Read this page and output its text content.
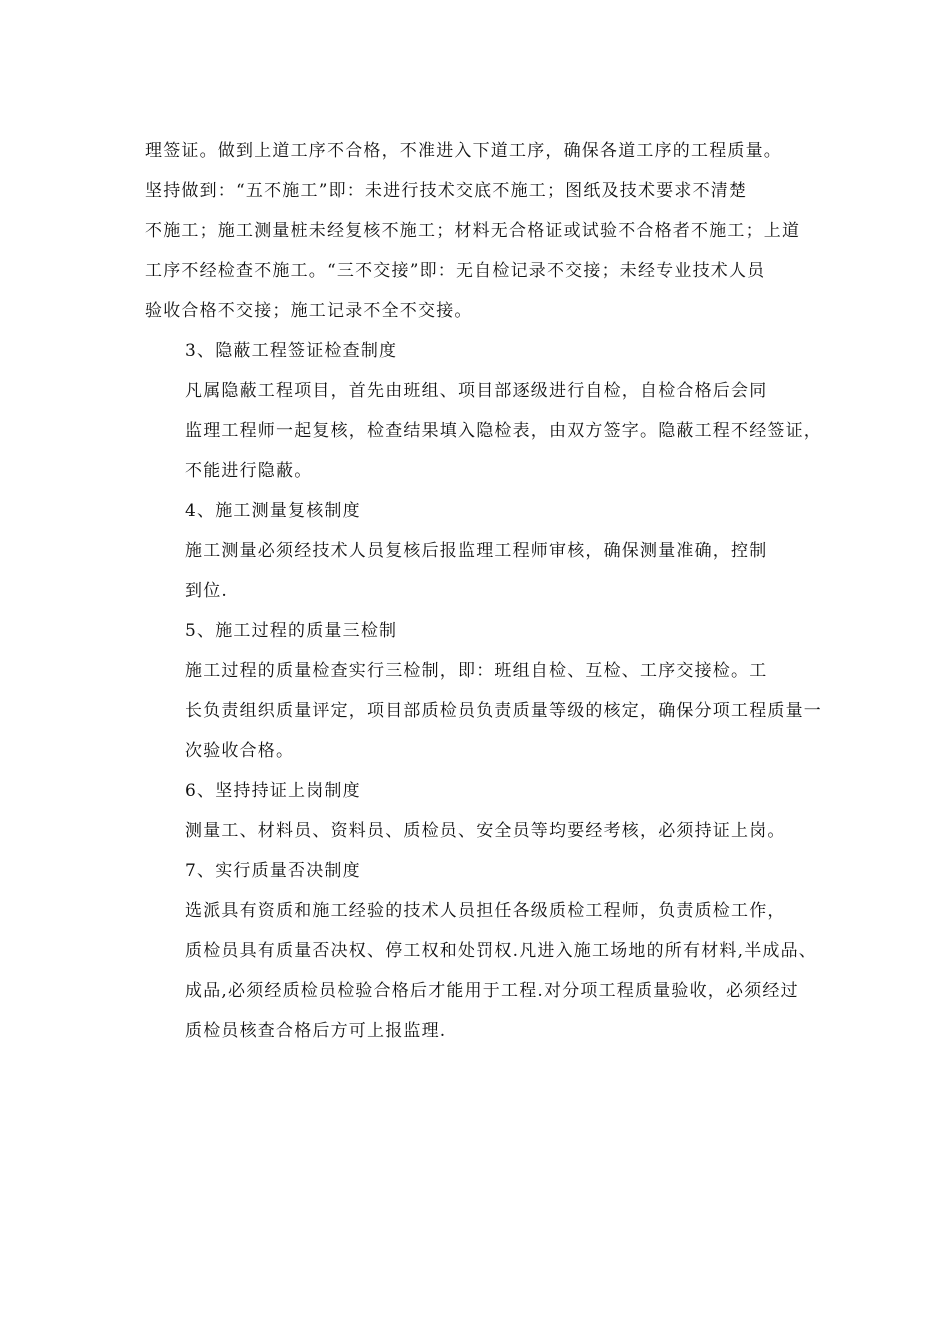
理签证。做到上道工序不合格，不准进入下道工序，确保各道工序的工程质量。
坚持做到：“五不施工”即：未进行技术交底不施工；图纸及技术要求不清楚
不施工；施工测量桩未经复核不施工；材料无合格证或试验不合格者不施工；上道
工序不经检查不施工。“三不交接”即：无自检记录不交接；未经专业技术人员
验收合格不交接；施工记录不全不交接。
3、隐蔽工程签证检查制度
凡属隐蔽工程项目，首先由班组、项目部逐级进行自检，自检合格后会同
监理工程师一起复核，检查结果填入隐检表，由双方签字。隐蔽工程不经签证，
不能进行隐蔽。
4、施工测量复核制度
施工测量必须经技术人员复核后报监理工程师审核，确保测量准确，控制
到位.
5、施工过程的质量三检制
施工过程的质量检查实行三检制，即：班组自检、互检、工序交接检。工
长负责组织质量评定，项目部质检员负责质量等级的核定，确保分项工程质量一
次验收合格。
6、坚持持证上岗制度
测量工、材料员、资料员、质检员、安全员等均要经考核，必须持证上岗。
7、实行质量否决制度
选派具有资质和施工经验的技术人员担任各级质检工程师，负责质检工作，
质检员具有质量否决权、停工权和处罚权.凡进入施工场地的所有材料,半成品、
成品,必须经质检员检验合格后才能用于工程.对分项工程质量验收，必须经过
质检员核查合格后方可上报监理.
